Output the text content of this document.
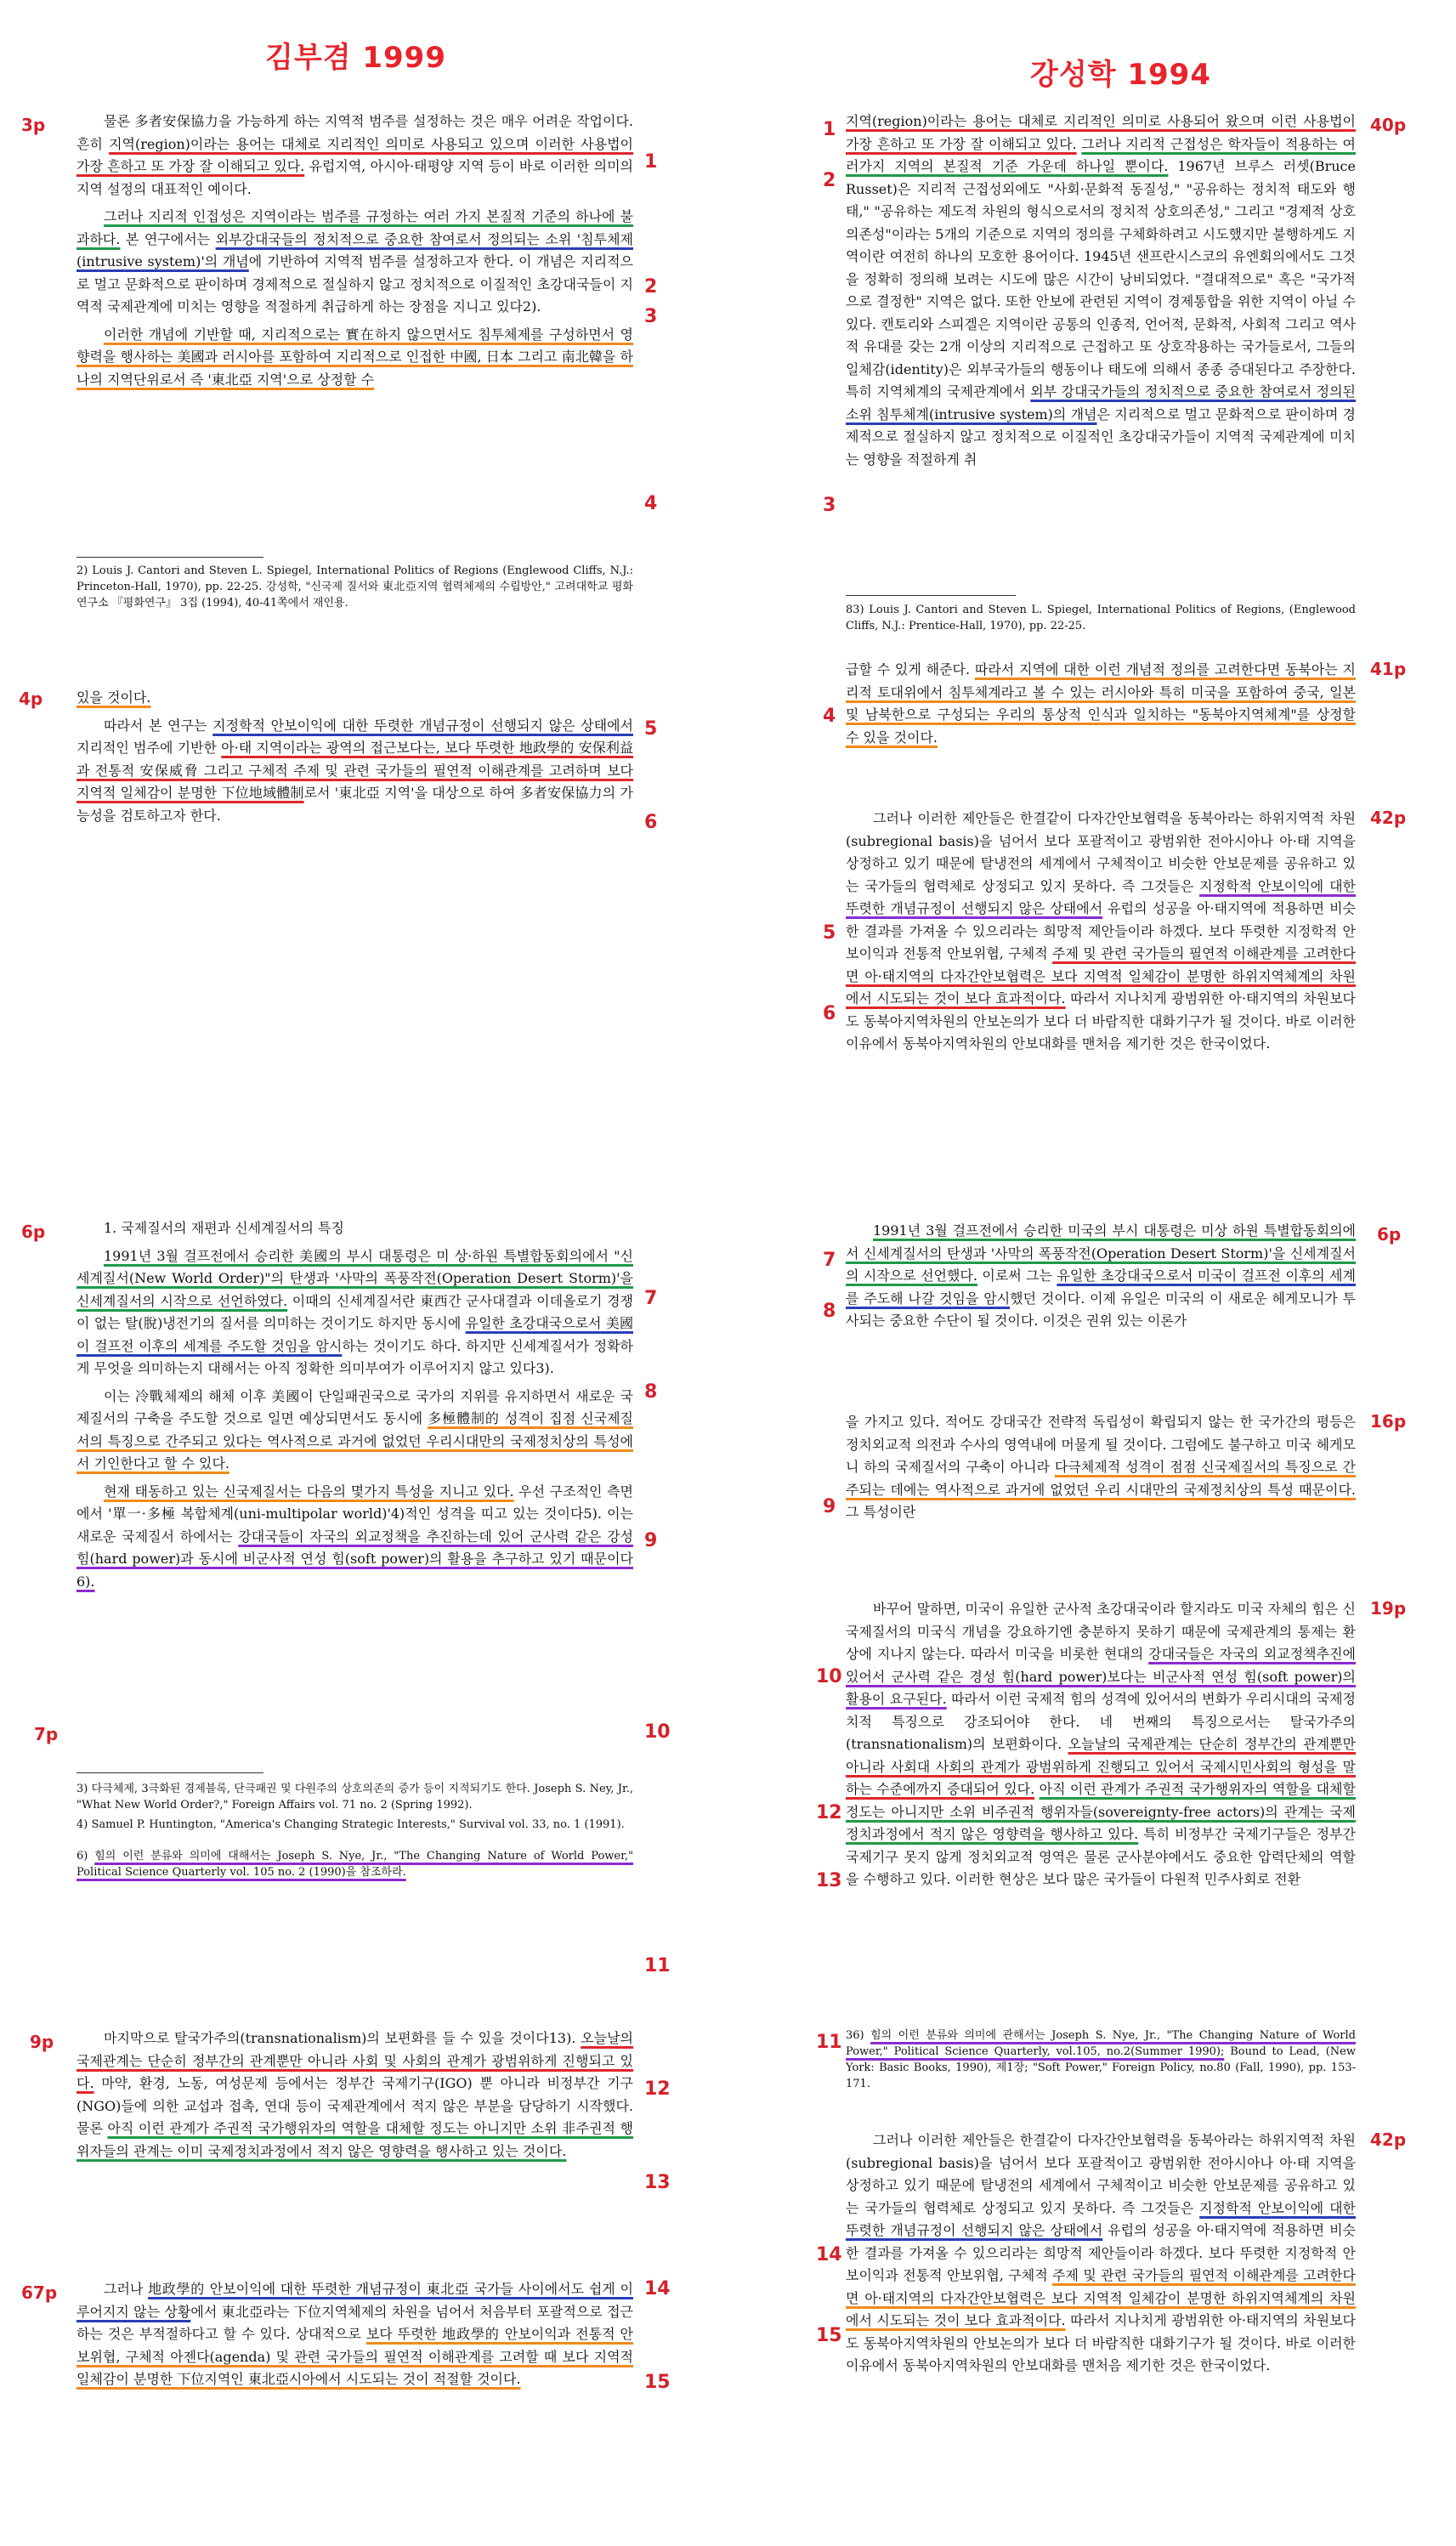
김부겸 1999	강성학 1994
3p
4p
6p
7p
9p
67p
40p
41p
42p
6p
16p
19p
42p
1
2
3
4
5
6
7
8
9
10
11
12
13
14
15
1
2
3
4
5
6
7
8
9
10
11
12
13
14
15

물론 多者安保協力을 가능하게 하는 지역적 범주를 설정하는 것은 매우 어려운 작업이다. 흔히 지역(region)이라는 용어는 대체로 지리적인 의미로 사용되고 있으며 이러한 사용법이 가장 흔하고 또 가장 잘 이해되고 있다. 유럽지역, 아시아·태평양 지역 등이 바로 이러한 의미의 지역 설정의 대표적인 예이다.

그러나 지리적 인접성은 지역이라는 범주를 규정하는 여러 가지 본질적 기준의 하나에 불과하다. 본 연구에서는 외부강대국들의 정치적으로 중요한 참여로서 정의되는 소위 '침투체제(intrusive system)'의 개념에 기반하여 지역적 범주를 설정하고자 한다. 이 개념은 지리적으로 멀고 문화적으로 판이하며 경제적으로 절실하지 않고 정치적으로 이질적인 초강대국들이 지역적 국제관계에 미치는 영향을 적절하게 취급하게 하는 장점을 지니고 있다2).

이러한 개념에 기반할 때, 지리적으로는 實在하지 않으면서도 침투체제를 구성하면서 영향력을 행사하는 美國과 러시아를 포함하여 지리적으로 인접한 中國, 日本 그리고 南北韓을 하나의 지역단위로서 즉 '東北亞 지역'으로 상정할 수

2) Louis J. Cantori and Steven L. Spiegel, International Politics of Regions (Englewood Cliffs, N.J.: Princeton-Hall, 1970), pp. 22-25. 강성학, "신국제 질서와 東北亞지역 협력체제의 수립방안," 고려대학교 평화연구소 『평화연구』 3집 (1994), 40-41쪽에서 재인용.

있을 것이다.

따라서 본 연구는 지정학적 안보이익에 대한 뚜렷한 개념규정이 선행되지 않은 상태에서 지리적인 범주에 기반한 아·태 지역이라는 광역의 접근보다는, 보다 뚜렷한 地政學的 安保利益과 전통적 安保威脅 그리고 구체적 주제 및 관련 국가들의 필연적 이해관계를 고려하며 보다 지역적 일체감이 분명한 下位地域體制로서 '東北亞 지역'을 대상으로 하여 多者安保協力의 가능성을 검토하고자 한다.

1. 국제질서의 재편과 신세계질서의 특징

1991년 3월 걸프전에서 승리한 美國의 부시 대통령은 미 상·하원 특별합동회의에서 "신세계질서(New World Order)"의 탄생과 '사막의 폭풍작전(Operation Desert Storm)'을 신세계질서의 시작으로 선언하였다. 이때의 신세계질서란 東西간 군사대결과 이데올로기 경쟁이 없는 탈(脫)냉전기의 질서를 의미하는 것이기도 하지만 동시에 유일한 초강대국으로서 美國이 걸프전 이후의 세계를 주도할 것임을 암시하는 것이기도 하다. 하지만 신세계질서가 정확하게 무엇을 의미하는지 대해서는 아직 정확한 의미부여가 이루어지지 않고 있다3).

이는 冷戰체제의 해체 이후 美國이 단일패권국으로 국가의 지위를 유지하면서 새로운 국제질서의 구축을 주도할 것으로 일면 예상되면서도 동시에 多極體制的 성격이 집점 신국제질서의 특징으로 간주되고 있다는 역사적으로 과거에 없었던 우리시대만의 국제정치상의 특성에서 기인한다고 할 수 있다.

현재 태동하고 있는 신국제질서는 다음의 몇가지 특성을 지니고 있다. 우선 구조적인 측면에서 '單一·多極 복합체계(uni-multipolar world)'4)적인 성격을 띠고 있는 것이다5). 이는 새로운 국제질서 하에서는 강대국들이 자국의 외교정책을 추진하는데 있어 군사력 같은 강성 힘(hard power)과 동시에 비군사적 연성 힘(soft power)의 활용을 추구하고 있기 때문이다6).

3) 다극체제, 3극화된 경제블록, 단극패권 및 다원주의 상호의존의 증가 등이 지적되기도 한다. Joseph S. Ney, Jr., "What New World Order?," Foreign Affairs vol. 71 no. 2 (Spring 1992).

4) Samuel P. Huntington, "America's Changing Strategic Interests," Survival vol. 33, no. 1 (1991).

6) 힘의 이런 분류와 의미에 대해서는 Joseph S. Nye, Jr., "The Changing Nature of World Power," Political Science Quarterly vol. 105 no. 2 (1990)을 참조하라.

마지막으로 탈국가주의(transnationalism)의 보편화를 들 수 있을 것이다13). 오늘날의 국제관계는 단순히 정부간의 관계뿐만 아니라 사회 및 사회의 관계가 광범위하게 진행되고 있다. 마약, 환경, 노동, 여성문제 등에서는 정부간 국제기구(IGO) 뿐 아니라 비정부간 기구(NGO)들에 의한 교섭과 접촉, 연대 등이 국제관계에서 적지 않은 부분을 담당하기 시작했다. 물론 아직 이런 관계가 주권적 국가행위자의 역할을 대체할 정도는 아니지만 소위 非주권적 행위자들의 관계는 이미 국제정치과정에서 적지 않은 영향력을 행사하고 있는 것이다.

그러나 地政學的 안보이익에 대한 뚜렷한 개념규정이 東北亞 국가들 사이에서도 쉽게 이루어지지 않는 상황에서 東北亞라는 下位지역체제의 차원을 넘어서 처음부터 포괄적으로 접근하는 것은 부적절하다고 할 수 있다. 상대적으로 보다 뚜렷한 地政學的 안보이익과 전통적 안보위협, 구체적 아젠다(agenda) 및 관련 국가들의 필연적 이해관계를 고려할 때 보다 지역적 일체감이 분명한 下位지역인 東北亞시아에서 시도되는 것이 적절할 것이다.

지역(region)이라는 용어는 대체로 지리적인 의미로 사용되어 왔으며 이런 사용법이 가장 흔하고 또 가장 잘 이해되고 있다. 그러나 지리적 근접성은 학자들이 적용하는 여러가지 지역의 본질적 기준 가운데 하나일 뿐이다. 1967년 브루스 러셋(Bruce Russet)은 지리적 근접성외에도 "사회·문화적 동질성," "공유하는 정치적 태도와 행태," "공유하는 제도적 차원의 형식으로서의 정치적 상호의존성," 그리고 "경제적 상호의존성"이라는 5개의 기준으로 지역의 정의를 구체화하려고 시도했지만 불행하게도 지역이란 여전히 하나의 모호한 용어이다. 1945년 샌프란시스코의 유엔회의에서도 그것을 정확히 정의해 보려는 시도에 많은 시간이 낭비되었다. "결대적으로" 혹은 "국가적으로 결정한" 지역은 없다. 또한 안보에 관련된 지역이 경제통합을 위한 지역이 아닐 수 있다. 캔토리와 스피겔은 지역이란 공통의 인종적, 언어적, 문화적, 사회적 그리고 역사적 유대를 갖는 2개 이상의 지리적으로 근접하고 또 상호작용하는 국가들로서, 그들의 일체감(identity)은 외부국가들의 행동이나 태도에 의해서 종종 증대된다고 주장한다. 특히 지역체계의 국제관계에서 외부 강대국가들의 정치적으로 중요한 참여로서 정의된 소위 침투체계(intrusive system)의 개념은 지리적으로 멀고 문화적으로 판이하며 경제적으로 절실하지 않고 정치적으로 이질적인 초강대국가들이 지역적 국제관계에 미치는 영향을 적절하게 취

83) Louis J. Cantori and Steven L. Spiegel, International Politics of Regions, (Englewood Cliffs, N.J.: Prentice-Hall, 1970), pp. 22-25.

급할 수 있게 해준다. 따라서 지역에 대한 이런 개념적 정의를 고려한다면 동북아는 지리적 토대위에서 침투체계라고 볼 수 있는 러시아와 특히 미국을 포함하여 중국, 일본 및 남북한으로 구성되는 우리의 통상적 인식과 일치하는 "동북아지역체계"를 상정할 수 있을 것이다.

그러나 이러한 제안들은 한결같이 다자간안보협력을 동북아라는 하위지역적 차원(subregional basis)을 넘어서 보다 포괄적이고 광범위한 전아시아나 아·태 지역을 상정하고 있기 때문에 탈냉전의 세계에서 구체적이고 비슷한 안보문제를 공유하고 있는 국가들의 협력체로 상정되고 있지 못하다. 즉 그것들은 지정학적 안보이익에 대한 뚜렷한 개념규정이 선행되지 않은 상태에서 유럽의 성공을 아·태지역에 적용하면 비슷한 결과를 가져올 수 있으리라는 희망적 제안들이라 하겠다. 보다 뚜렷한 지정학적 안보이익과 전통적 안보위협, 구체적 주제 및 관련 국가들의 필연적 이해관계를 고려한다면 아·태지역의 다자간안보협력은 보다 지역적 일체감이 분명한 하위지역체계의 차원에서 시도되는 것이 보다 효과적이다. 따라서 지나치게 광범위한 아·태지역의 차원보다도 동북아지역차원의 안보논의가 보다 더 바람직한 대화기구가 될 것이다. 바로 이러한 이유에서 동북아지역차원의 안보대화를 맨처음 제기한 것은 한국이었다.

1991년 3월 걸프전에서 승리한 미국의 부시 대통령은 미상 하원 특별합동회의에서 신세계질서의 탄생과 '사막의 폭풍작전(Operation Desert Storm)'을 신세계질서의 시작으로 선언했다. 이로써 그는 유일한 초강대국으로서 미국이 걸프전 이후의 세계를 주도해 나갈 것임을 암시했던 것이다. 이제 유일은 미국의 이 새로운 헤게모니가 투사되는 중요한 수단이 될 것이다. 이것은 권위 있는 이론가

을 가지고 있다. 적어도 강대국간 전략적 독립성이 확립되지 않는 한 국가간의 평등은 정치외교적 의전과 수사의 영역내에 머물게 될 것이다. 그럼에도 불구하고 미국 헤게모니 하의 국제질서의 구축이 아니라 다극체제적 성격이 점점 신국제질서의 특징으로 간주되는 데에는 역사적으로 과거에 없었던 우리 시대만의 국제정치상의 특성 때문이다. 그 특성이란

바꾸어 말하면, 미국이 유일한 군사적 초강대국이라 할지라도 미국 자체의 힘은 신국제질서의 미국식 개념을 강요하기엔 충분하지 못하기 때문에 국제관계의 통제는 환상에 지나지 않는다. 따라서 미국을 비롯한 현대의 강대국들은 자국의 외교정책추진에 있어서 군사력 같은 경성 힘(hard power)보다는 비군사적 연성 힘(soft power)의 활용이 요구된다. 따라서 이런 국제적 힘의 성격에 있어서의 변화가 우리시대의 국제정치적 특징으로 강조되어야 한다. 네 번째의 특징으로서는 탈국가주의(transnationalism)의 보편화이다. 오늘날의 국제관계는 단순히 정부간의 관계뿐만 아니라 사회대 사회의 관계가 광범위하게 진행되고 있어서 국제시민사회의 형성을 말하는 수준에까지 증대되어 있다. 아직 이런 관계가 주권적 국가행위자의 역할을 대체할 정도는 아니지만 소위 비주권적 행위자들(sovereignty-free actors)의 관계는 국제정치과정에서 적지 않은 영향력을 행사하고 있다. 특히 비정부간 국제기구들은 정부간 국제기구 못지 않게 정치외교적 영역은 물론 군사분야에서도 중요한 압력단체의 역할을 수행하고 있다. 이러한 현상은 보다 많은 국가들이 다원적 민주사회로 전환

36) 힘의 이런 분류와 의미에 관해서는 Joseph S. Nye, Jr., "The Changing Nature of World Power," Political Science Quarterly, vol.105, no.2(Summer 1990); Bound to Lead, (New York: Basic Books, 1990), 제1장; "Soft Power," Foreign Policy, no.80 (Fall, 1990), pp. 153-171.

그러나 이러한 제안들은 한결같이 다자간안보협력을 동북아라는 하위지역적 차원(subregional basis)을 넘어서 보다 포괄적이고 광범위한 전아시아나 아·태 지역을 상정하고 있기 때문에 탈냉전의 세계에서 구체적이고 비슷한 안보문제를 공유하고 있는 국가들의 협력체로 상정되고 있지 못하다. 즉 그것들은 지정학적 안보이익에 대한 뚜렷한 개념규정이 선행되지 않은 상태에서 유럽의 성공을 아·태지역에 적용하면 비슷한 결과를 가져올 수 있으리라는 희망적 제안들이라 하겠다. 보다 뚜렷한 지정학적 안보이익과 전통적 안보위협, 구체적 주제 및 관련 국가들의 필연적 이해관계를 고려한다면 아·태지역의 다자간안보협력은 보다 지역적 일체감이 분명한 하위지역체계의 차원에서 시도되는 것이 보다 효과적이다. 따라서 지나치게 광범위한 아·태지역의 차원보다도 동북아지역차원의 안보논의가 보다 더 바람직한 대화기구가 될 것이다. 바로 이러한 이유에서 동북아지역차원의 안보대화를 맨처음 제기한 것은 한국이었다.
